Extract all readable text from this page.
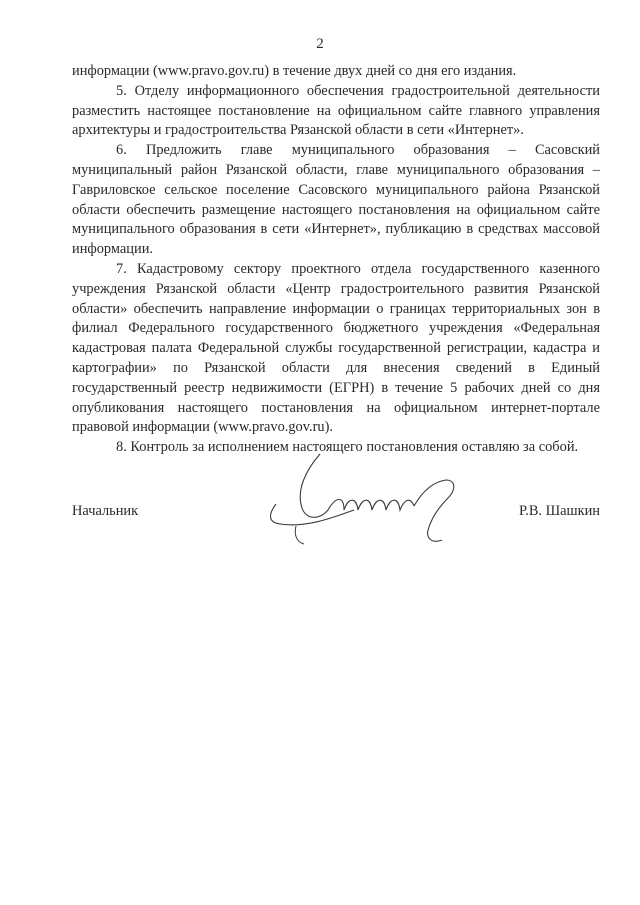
2

информации (www.pravo.gov.ru) в течение двух дней со дня его издания.

5. Отделу информационного обеспечения градостроительной деятельности разместить настоящее постановление на официальном сайте главного управления архитектуры и градостроительства Рязанской области в сети «Интернет».

6. Предложить главе муниципального образования – Сасовский муниципальный район Рязанской области, главе муниципального образования – Гавриловское сельское поселение Сасовского муниципального района Рязанской области обеспечить размещение настоящего постановления на официальном сайте муниципального образования в сети «Интернет», публикацию в средствах массовой информации.

7. Кадастровому сектору проектного отдела государственного казенного учреждения Рязанской области «Центр градостроительного развития Рязанской области» обеспечить направление информации о границах территориальных зон в филиал Федерального государственного бюджетного учреждения «Федеральная кадастровая палата Федеральной службы государственной регистрации, кадастра и картографии» по Рязанской области для внесения сведений в Единый государственный реестр недвижимости (ЕГРН) в течение 5 рабочих дней со дня опубликования настоящего постановления на официальном интернет-портале правовой информации (www.pravo.gov.ru).

8. Контроль за исполнением настоящего постановления оставляю за собой.

Начальник	Р.В. Шашкин
